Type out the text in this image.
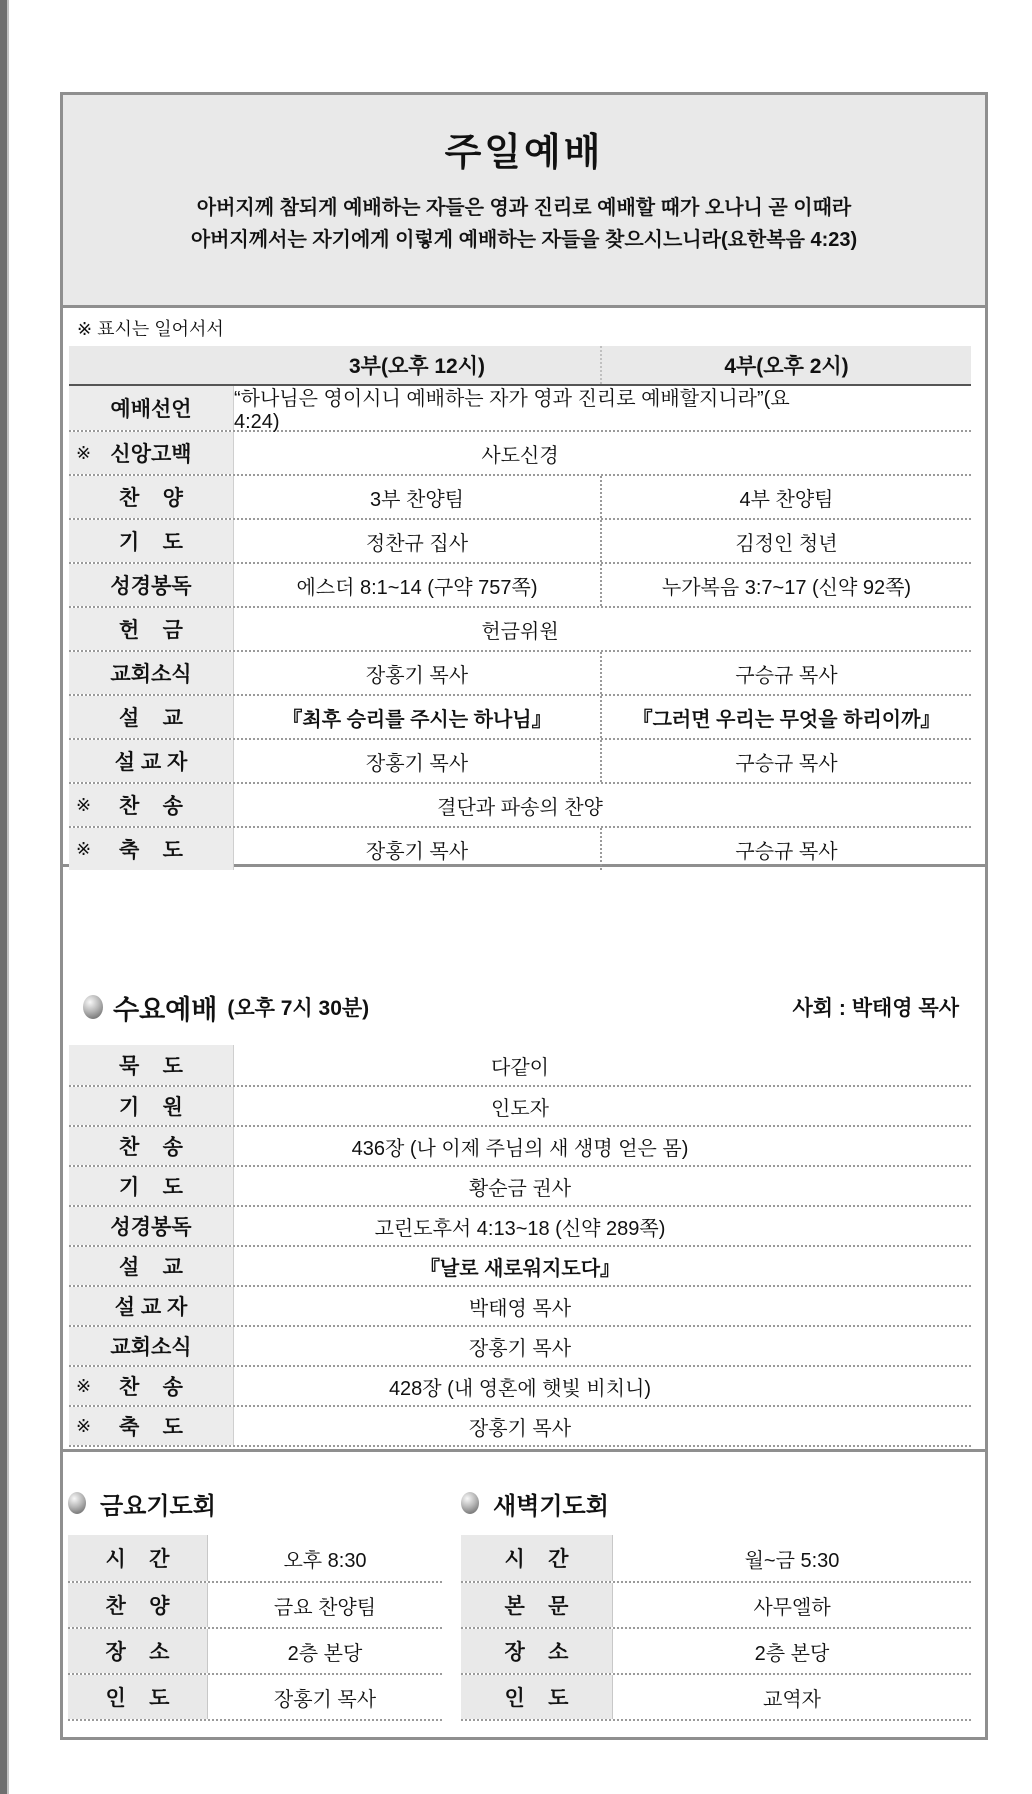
주일예배
아버지께 참되게 예배하는 자들은 영과 진리로 예배할 때가 오나니 곧 이때라
아버지께서는 자기에게 이렇게 예배하는 자들을 찾으시느니라(요한복음 4:23)
※ 표시는 일어서서
3부(오후 12시)	4부(오후 2시)
예배선언 “하나님은 영이시니 예배하는 자가 영과 진리로 예배할지니라”(요 4:24)
※ 신앙고백	사도신경
찬    양	3부 찬양팀	4부 찬양팀
기    도	정찬규 집사	김정인 청년
성경봉독	에스더 8:1~14 (구약 757쪽)	누가복음 3:7~17 (신약 92쪽)
헌    금	헌금위원
교회소식	장홍기 목사	구승규 목사
설    교	『최후 승리를 주시는 하나님』	『그러면 우리는 무엇을 하리이까』
설 교 자	장홍기 목사	구승규 목사
※ 찬    송	결단과 파송의 찬양
※ 축    도	장홍기 목사	구승규 목사
수요예배 (오후 7시 30분)	사회 : 박태영 목사
묵    도	다같이
기    원	인도자
찬    송	436장 (나 이제 주님의 새 생명 얻은 몸)
기    도	황순금 권사
성경봉독	고린도후서 4:13~18 (신약 289쪽)
설    교	『날로 새로워지도다』
설 교 자	박태영 목사
교회소식	장홍기 목사
※ 찬    송	428장 (내 영혼에 햇빛 비치니)
※ 축    도	장홍기 목사
금요기도회
시    간	오후 8:30
찬    양	금요 찬양팀
장    소	2층 본당
인    도	장홍기 목사
새벽기도회
시    간	월~금 5:30
본    문	사무엘하
장    소	2층 본당
인    도	교역자
